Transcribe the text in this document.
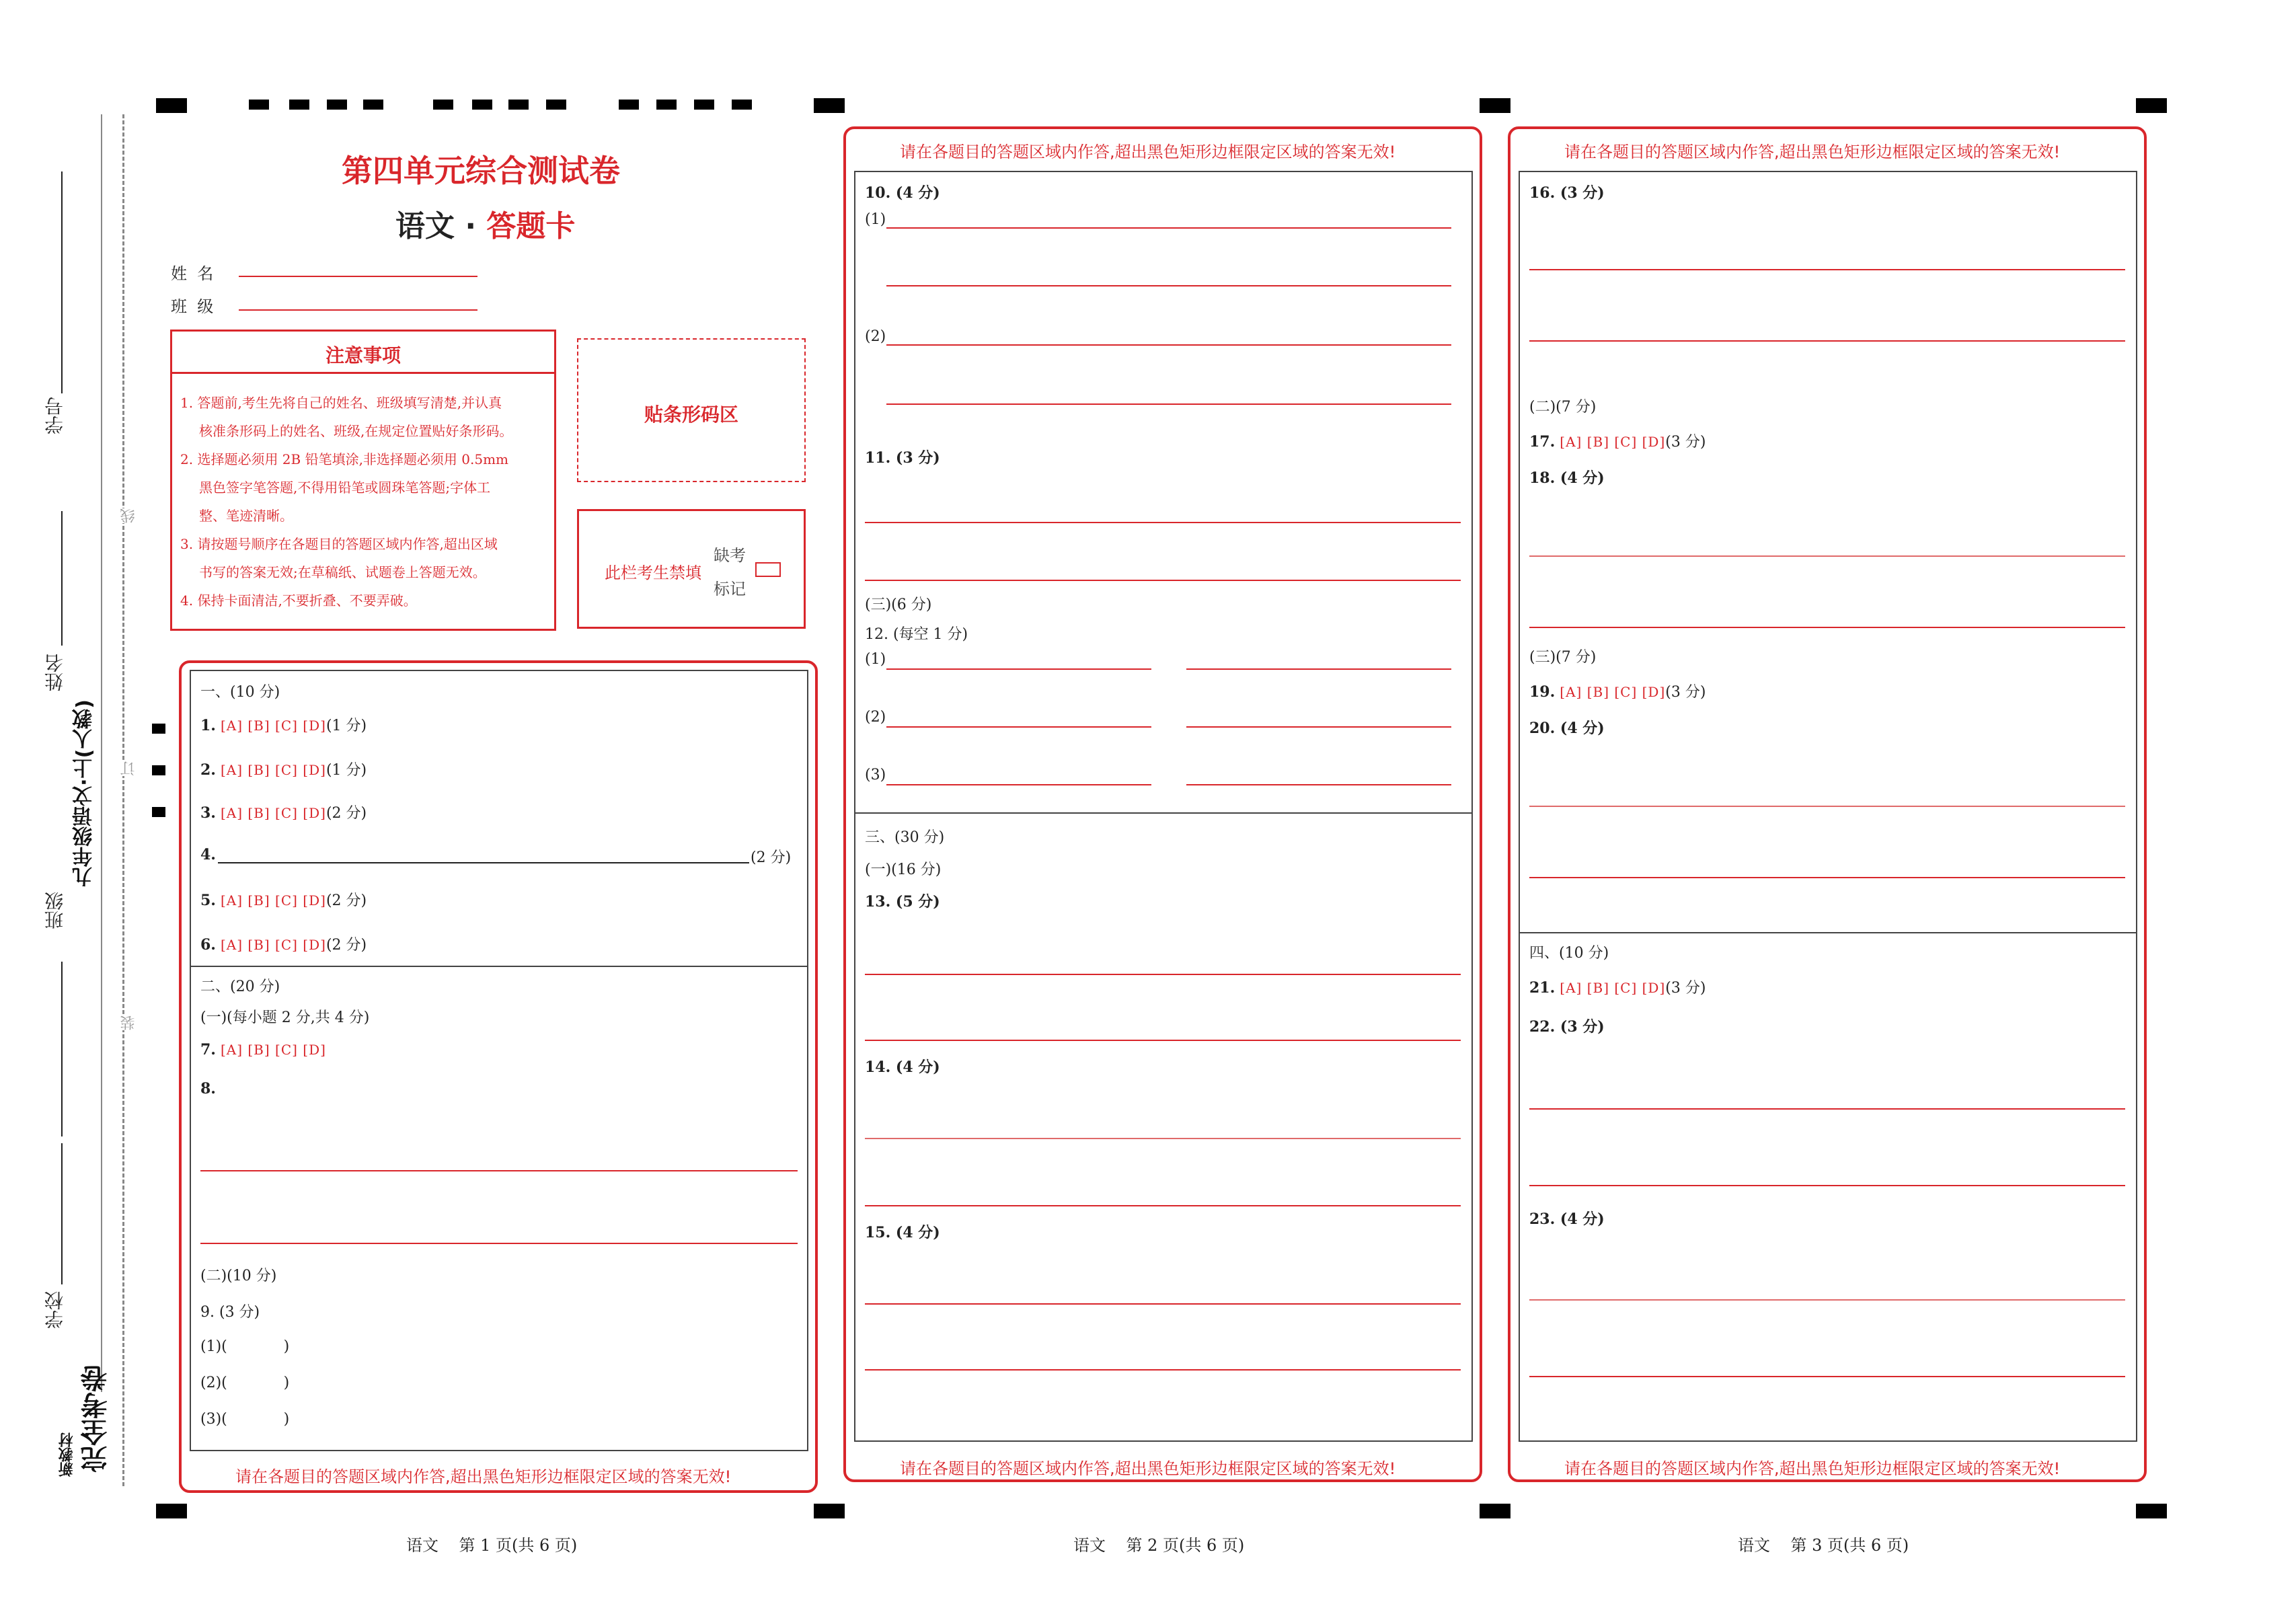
学号
姓名
班级
九年级语文·上(人教)
学校
线
订
装
新教材 完全考卷
第四单元综合测试卷
语文 · 答题卡
姓  名
班  级
注意事项
1. 答题前,考生先将自己的姓名、班级填写清楚,并认真
核准条形码上的姓名、班级,在规定位置贴好条形码。
2. 选择题必须用 2B 铅笔填涂,非选择题必须用 0.5mm
黑色签字笔答题,不得用铅笔或圆珠笔答题;字体工
整、笔迹清晰。
3. 请按题号顺序在各题目的答题区域内作答,超出区域
书写的答案无效;在草稿纸、试题卷上答题无效。
4. 保持卡面清洁,不要折叠、不要弄破。
贴条形码区
此栏考生禁填
缺考
标记
请在各题目的答题区域内作答,超出黑色矩形边框限定区域的答案无效!
一、(10 分)
1. [A] [B] [C] [D](1 分)
2. [A] [B] [C] [D](1 分)
3. [A] [B] [C] [D](2 分)
4.	(2 分)
5. [A] [B] [C] [D](2 分)
6. [A] [B] [C] [D](2 分)
二、(20 分)
(一)(每小题 2 分,共 4 分)
7. [A] [B] [C] [D]
8.
(二)(10 分)
9. (3 分)
(1)(            )
(2)(            )
(3)(            )
语文    第 1 页(共 6 页)
请在各题目的答题区域内作答,超出黑色矩形边框限定区域的答案无效!
请在各题目的答题区域内作答,超出黑色矩形边框限定区域的答案无效!
10. (4 分)
(1)
(2)
11. (3 分)
(三)(6 分)
12. (每空 1 分)
(1)
(2)
(3)
三、(30 分)
(一)(16 分)
13. (5 分)
14. (4 分)
15. (4 分)
语文    第 2 页(共 6 页)
请在各题目的答题区域内作答,超出黑色矩形边框限定区域的答案无效!
请在各题目的答题区域内作答,超出黑色矩形边框限定区域的答案无效!
16. (3 分)
(二)(7 分)
17. [A] [B] [C] [D](3 分)
18. (4 分)
(三)(7 分)
19. [A] [B] [C] [D](3 分)
20. (4 分)
四、(10 分)
21. [A] [B] [C] [D](3 分)
22. (3 分)
23. (4 分)
语文    第 3 页(共 6 页)
